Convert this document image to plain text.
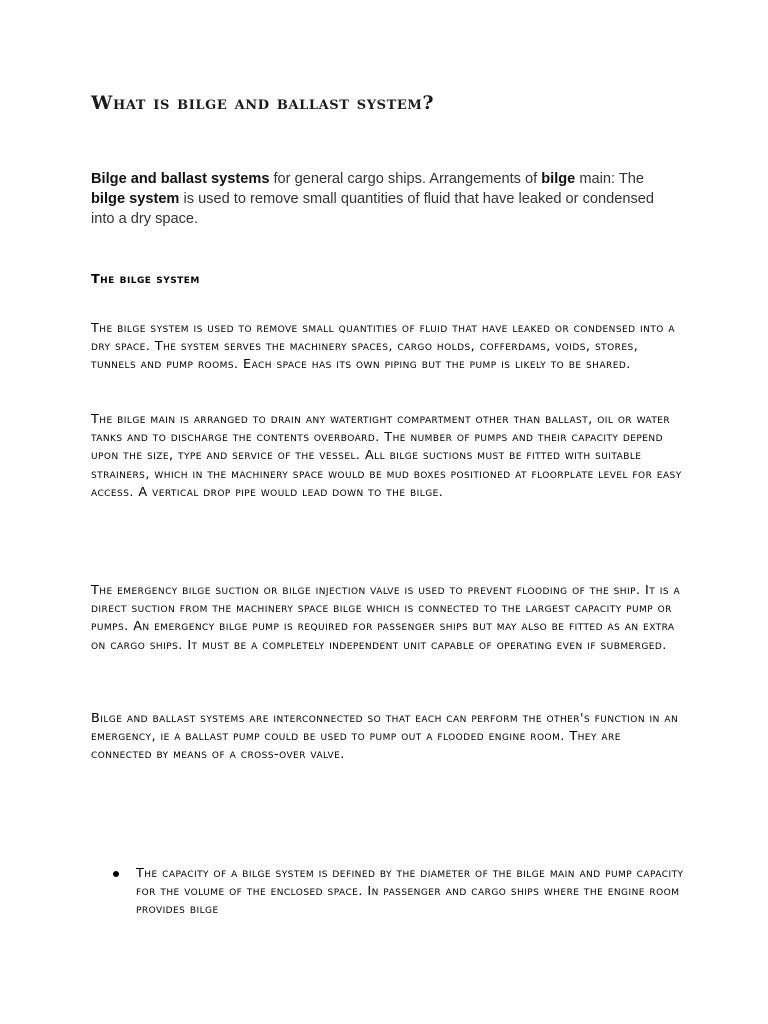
What is bilge and ballast system?

Bilge and ballast systems for general cargo ships. Arrangements of bilge main: The bilge system is used to remove small quantities of fluid that have leaked or condensed into a dry space.

The bilge system

The bilge system is used to remove small quantities of fluid that have leaked or condensed into a dry space. The system serves the machinery spaces, cargo holds, cofferdams, voids, stores, tunnels and pump rooms. Each space has its own piping but the pump is likely to be shared.

The bilge main is arranged to drain any watertight compartment other than ballast, oil or water tanks and to discharge the contents overboard. The number of pumps and their capacity depend upon the size, type and service of the vessel. All bilge suctions must be fitted with suitable strainers, which in the machinery space would be mud boxes positioned at floorplate level for easy access. A vertical drop pipe would lead down to the bilge.

The emergency bilge suction or bilge injection valve is used to prevent flooding of the ship. It is a direct suction from the machinery space bilge which is connected to the largest capacity pump or pumps. An emergency bilge pump is required for passenger ships but may also be fitted as an extra on cargo ships. It must be a completely independent unit capable of operating even if submerged.

Bilge and ballast systems are interconnected so that each can perform the other's function in an emergency, ie a ballast pump could be used to pump out a flooded engine room. They are connected by means of a cross-over valve.

The capacity of a bilge system is defined by the diameter of the bilge main and pump capacity for the volume of the enclosed space. In passenger and cargo ships where the engine room provides bilge
